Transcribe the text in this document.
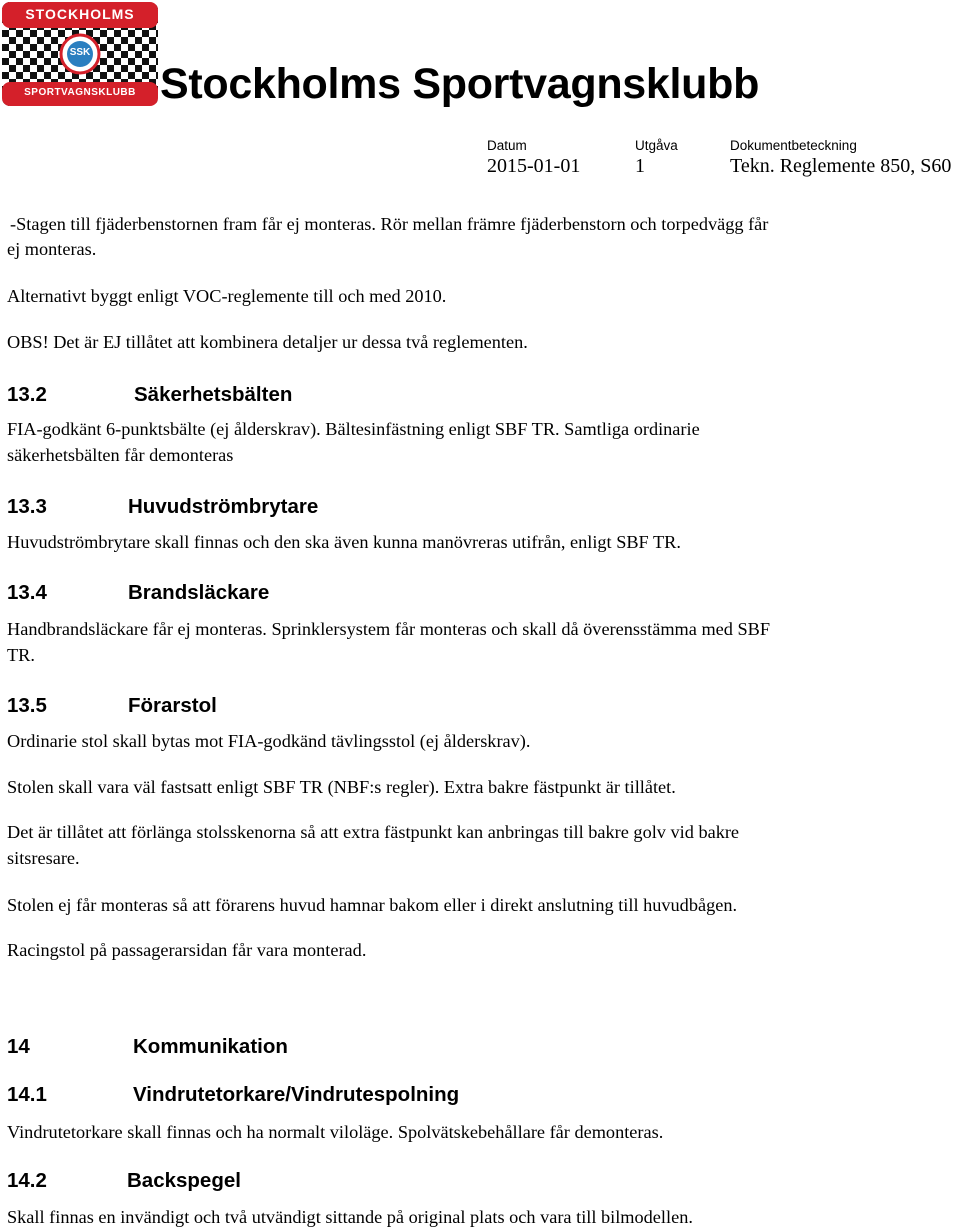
STOCKHOLMS
SSK
SPORTVAGNSKLUBB Stockholms Sportvagnsklubb
Datum	Utgåva	Dokumentbeteckning
2015-01-01	1	Tekn. Reglemente 850, S60
-Stagen till fjäderbenstornen fram får ej monteras. Rör mellan främre fjäderbenstorn och torpedvägg får
ej monteras.
Alternativt byggt enligt VOC-reglemente till och med 2010.
OBS! Det är EJ tillåtet att kombinera detaljer ur dessa två reglementen.
13.2	Säkerhetsbälten
FIA-godkänt 6-punktsbälte (ej ålderskrav). Bältesinfästning enligt SBF TR. Samtliga ordinarie
säkerhetsbälten får demonteras
13.3	Huvudströmbrytare
Huvudströmbrytare skall finnas och den ska även kunna manövreras utifrån, enligt SBF TR.
13.4	Brandsläckare
Handbrandsläckare får ej monteras. Sprinklersystem får monteras och skall då överensstämma med SBF
TR.
13.5	Förarstol
Ordinarie stol skall bytas mot FIA-godkänd tävlingsstol (ej ålderskrav).
Stolen skall vara väl fastsatt enligt SBF TR (NBF:s regler). Extra bakre fästpunkt är tillåtet.
Det är tillåtet att förlänga stolsskenorna så att extra fästpunkt kan anbringas till bakre golv vid bakre
sitsresare.
Stolen ej får monteras så att förarens huvud hamnar bakom eller i direkt anslutning till huvudbågen.
Racingstol på passagerarsidan får vara monterad.
14	Kommunikation
14.1	Vindrutetorkare/Vindrutespolning
Vindrutetorkare skall finnas och ha normalt viloläge. Spolvätskebehållare får demonteras.
14.2	Backspegel
Skall finnas en invändigt och två utvändigt sittande på original plats och vara till bilmodellen.
